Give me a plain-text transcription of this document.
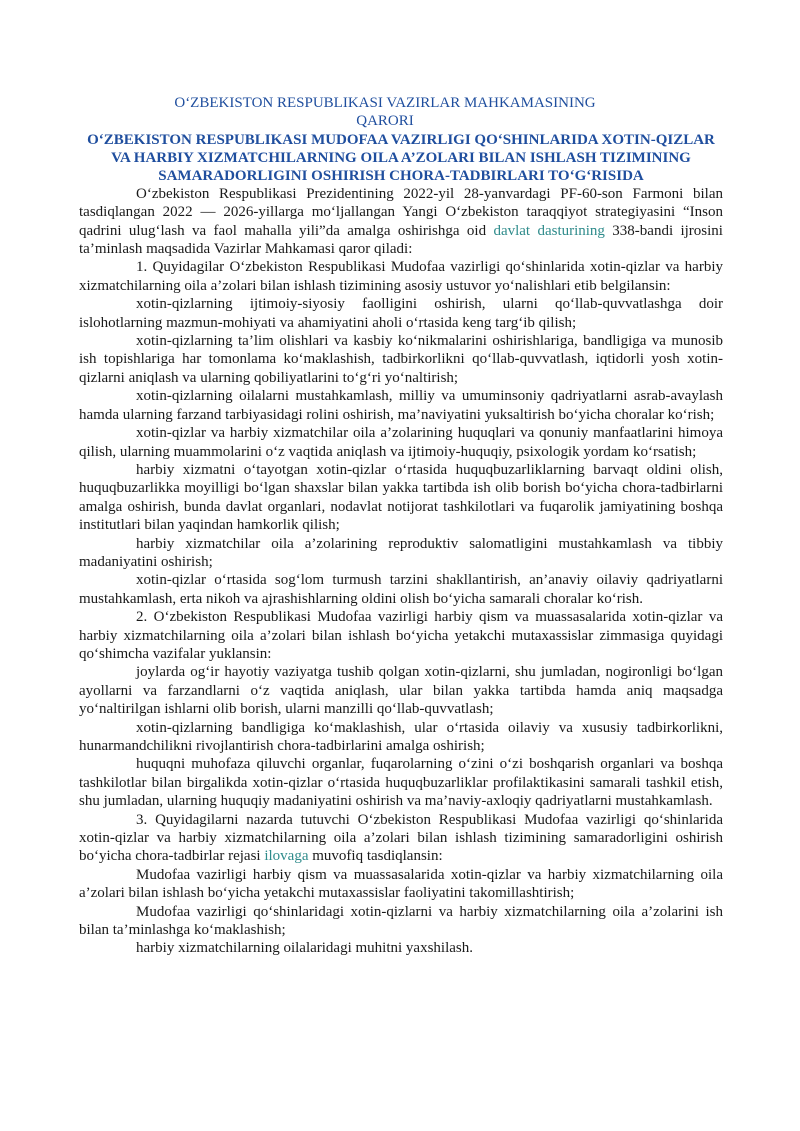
O‘ZBEKISTON RESPUBLIKASI VAZIRLAR MAHKAMASINING

QARORI

O‘ZBEKISTON RESPUBLIKASI MUDOFAA VAZIRLIGI QO‘SHINLARIDA XOTIN-QIZLAR VA HARBIY XIZMATCHILARNING OILA A’ZOLARI BILAN ISHLASH TIZIMINING SAMARADORLIGINI OSHIRISH CHORA-TADBIRLARI TO‘G‘RISIDA

O‘zbekiston Respublikasi Prezidentining 2022-yil 28-yanvardagi PF-60-son Farmoni bilan tasdiqlangan 2022 — 2026-yillarga mo‘ljallangan Yangi O‘zbekiston taraqqiyot strategiyasini “Inson qadrini ulug‘lash va faol mahalla yili”da amalga oshirishga oid davlat dasturining 338-bandi ijrosini ta’minlash maqsadida Vazirlar Mahkamasi qaror qiladi:

1. Quyidagilar O‘zbekiston Respublikasi Mudofaa vazirligi qo‘shinlarida xotin-qizlar va harbiy xizmatchilarning oila a’zolari bilan ishlash tizimining asosiy ustuvor yo‘nalishlari etib belgilansin:

xotin-qizlarning ijtimoiy-siyosiy faolligini oshirish, ularni qo‘llab-quvvatlashga doir islohotlarning mazmun-mohiyati va ahamiyatini aholi o‘rtasida keng targ‘ib qilish;

xotin-qizlarning ta’lim olishlari va kasbiy ko‘nikmalarini oshirishlariga, bandligiga va munosib ish topishlariga har tomonlama ko‘maklashish, tadbirkorlikni qo‘llab-quvvatlash, iqtidorli yosh xotin-qizlarni aniqlash va ularning qobiliyatlarini to‘g‘ri yo‘naltirish;

xotin-qizlarning oilalarni mustahkamlash, milliy va umuminsoniy qadriyatlarni asrab-avaylash hamda ularning farzand tarbiyasidagi rolini oshirish, ma’naviyatini yuksaltirish bo‘yicha choralar ko‘rish;

xotin-qizlar va harbiy xizmatchilar oila a’zolarining huquqlari va qonuniy manfaatlarini himoya qilish, ularning muammolarini o‘z vaqtida aniqlash va ijtimoiy-huquqiy, psixologik yordam ko‘rsatish;

harbiy xizmatni o‘tayotgan xotin-qizlar o‘rtasida huquqbuzarliklarning barvaqt oldini olish, huquqbuzarlikka moyilligi bo‘lgan shaxslar bilan yakka tartibda ish olib borish bo‘yicha chora-tadbirlarni amalga oshirish, bunda davlat organlari, nodavlat notijorat tashkilotlari va fuqarolik jamiyatining boshqa institutlari bilan yaqindan hamkorlik qilish;

harbiy xizmatchilar oila a’zolarining reproduktiv salomatligini mustahkamlash va tibbiy madaniyatini oshirish;

xotin-qizlar o‘rtasida sog‘lom turmush tarzini shakllantirish, an’anaviy oilaviy qadriyatlarni mustahkamlash, erta nikoh va ajrashishlarning oldini olish bo‘yicha samarali choralar ko‘rish.

2. O‘zbekiston Respublikasi Mudofaa vazirligi harbiy qism va muassasalarida xotin-qizlar va harbiy xizmatchilarning oila a’zolari bilan ishlash bo‘yicha yetakchi mutaxassislar zimmasiga quyidagi qo‘shimcha vazifalar yuklansin:

joylarda og‘ir hayotiy vaziyatga tushib qolgan xotin-qizlarni, shu jumladan, nogironligi bo‘lgan ayollarni va farzandlarni o‘z vaqtida aniqlash, ular bilan yakka tartibda hamda aniq maqsadga yo‘naltirilgan ishlarni olib borish, ularni manzilli qo‘llab-quvvatlash;

xotin-qizlarning bandligiga ko‘maklashish, ular o‘rtasida oilaviy va xususiy tadbirkorlikni, hunarmandchilikni rivojlantirish chora-tadbirlarini amalga oshirish;

huquqni muhofaza qiluvchi organlar, fuqarolarning o‘zini o‘zi boshqarish organlari va boshqa tashkilotlar bilan birgalikda xotin-qizlar o‘rtasida huquqbuzarliklar profilaktikasini samarali tashkil etish, shu jumladan, ularning huquqiy madaniyatini oshirish va ma’naviy-axloqiy qadriyatlarni mustahkamlash.

3. Quyidagilarni nazarda tutuvchi O‘zbekiston Respublikasi Mudofaa vazirligi qo‘shinlarida xotin-qizlar va harbiy xizmatchilarning oila a’zolari bilan ishlash tizimining samaradorligini oshirish bo‘yicha chora-tadbirlar rejasi ilovaga muvofiq tasdiqlansin:

Mudofaa vazirligi harbiy qism va muassasalarida xotin-qizlar va harbiy xizmatchilarning oila a’zolari bilan ishlash bo‘yicha yetakchi mutaxassislar faoliyatini takomillashtirish;

Mudofaa vazirligi qo‘shinlaridagi xotin-qizlarni va harbiy xizmatchilarning oila a’zolarini ish bilan ta’minlashga ko‘maklashish;

harbiy xizmatchilarning oilalaridagi muhitni yaxshilash.
